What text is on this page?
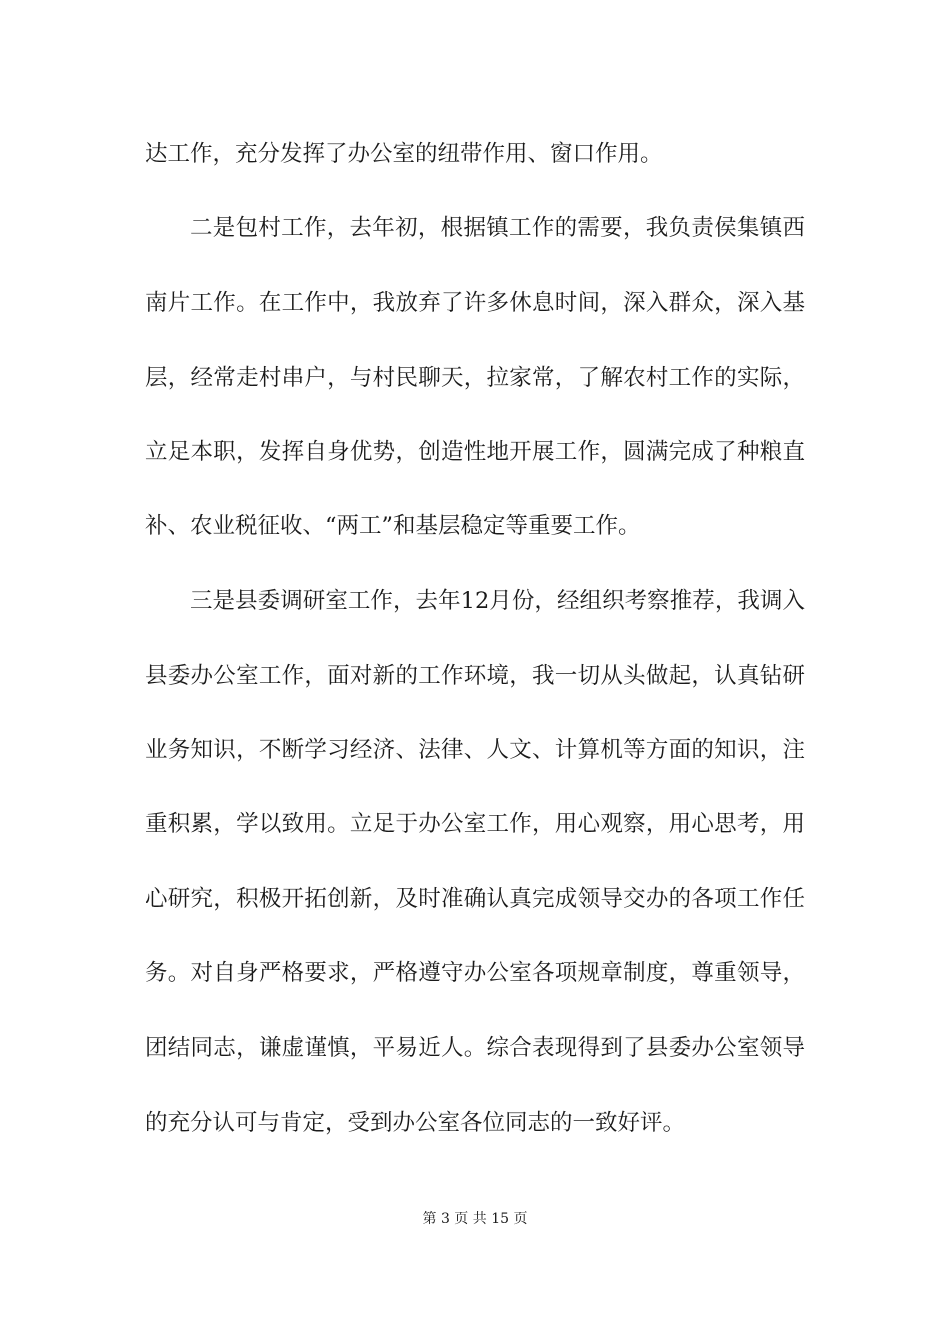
达工作，充分发挥了办公室的纽带作用、窗口作用。
二是包村工作，去年初，根据镇工作的需要，我负责侯集镇西
南片工作。在工作中，我放弃了许多休息时间，深入群众，深入基
层，经常走村串户，与村民聊天，拉家常，了解农村工作的实际，
立足本职，发挥自身优势，创造性地开展工作，圆满完成了种粮直
补、农业税征收、“两工”和基层稳定等重要工作。
三是县委调研室工作，去年12月份，经组织考察推荐，我调入
县委办公室工作，面对新的工作环境，我一切从头做起，认真钻研
业务知识，不断学习经济、法律、人文、计算机等方面的知识，注
重积累，学以致用。立足于办公室工作，用心观察，用心思考，用
心研究，积极开拓创新，及时准确认真完成领导交办的各项工作任
务。对自身严格要求，严格遵守办公室各项规章制度，尊重领导，
团结同志，谦虚谨慎，平易近人。综合表现得到了县委办公室领导
的充分认可与肯定，受到办公室各位同志的一致好评。
第 3 页 共 15 页
